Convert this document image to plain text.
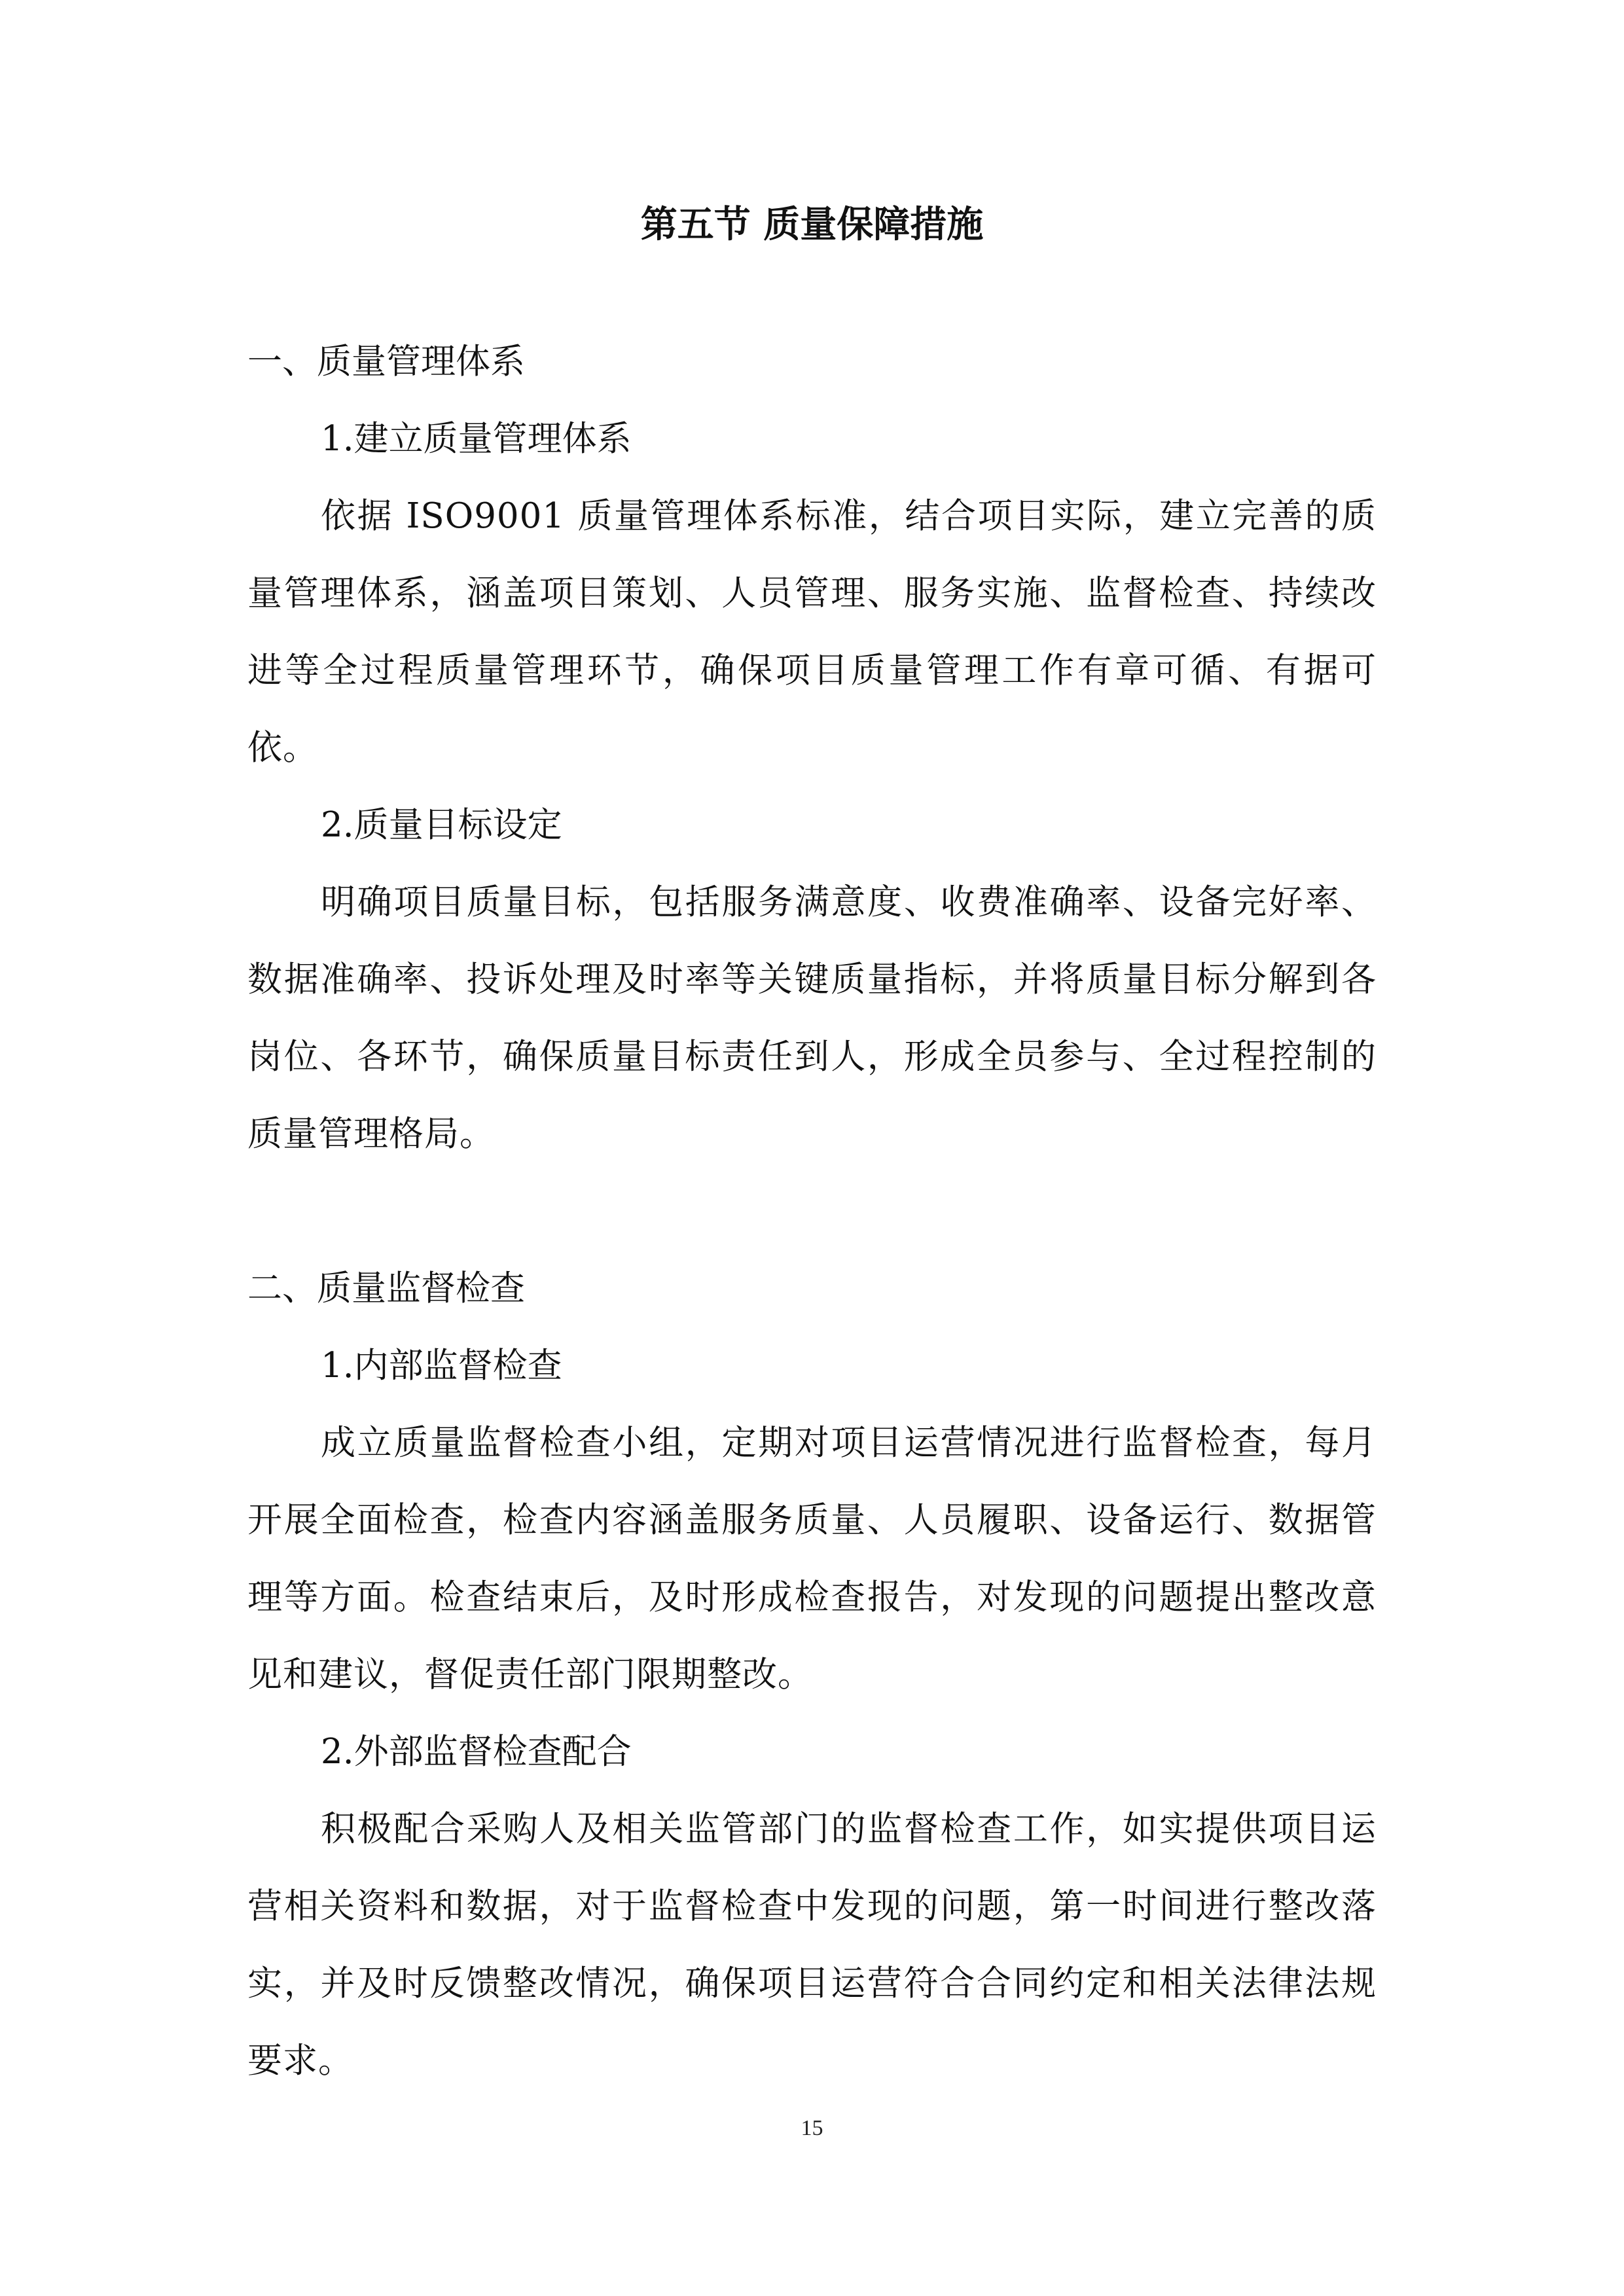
第五节 质量保障措施

一、质量管理体系

1.建立质量管理体系

依据 ISO9001 质量管理体系标准，结合项目实际，建立完善的质量管理体系，涵盖项目策划、人员管理、服务实施、监督检查、持续改进等全过程质量管理环节，确保项目质量管理工作有章可循、有据可依。

2.质量目标设定

明确项目质量目标，包括服务满意度、收费准确率、设备完好率、数据准确率、投诉处理及时率等关键质量指标，并将质量目标分解到各岗位、各环节，确保质量目标责任到人，形成全员参与、全过程控制的质量管理格局。

二、质量监督检查

1.内部监督检查

成立质量监督检查小组，定期对项目运营情况进行监督检查，每月开展全面检查，检查内容涵盖服务质量、人员履职、设备运行、数据管理等方面。检查结束后，及时形成检查报告，对发现的问题提出整改意见和建议，督促责任部门限期整改。

2.外部监督检查配合

积极配合采购人及相关监管部门的监督检查工作，如实提供项目运营相关资料和数据，对于监督检查中发现的问题，第一时间进行整改落实，并及时反馈整改情况，确保项目运营符合合同约定和相关法律法规要求。

15
